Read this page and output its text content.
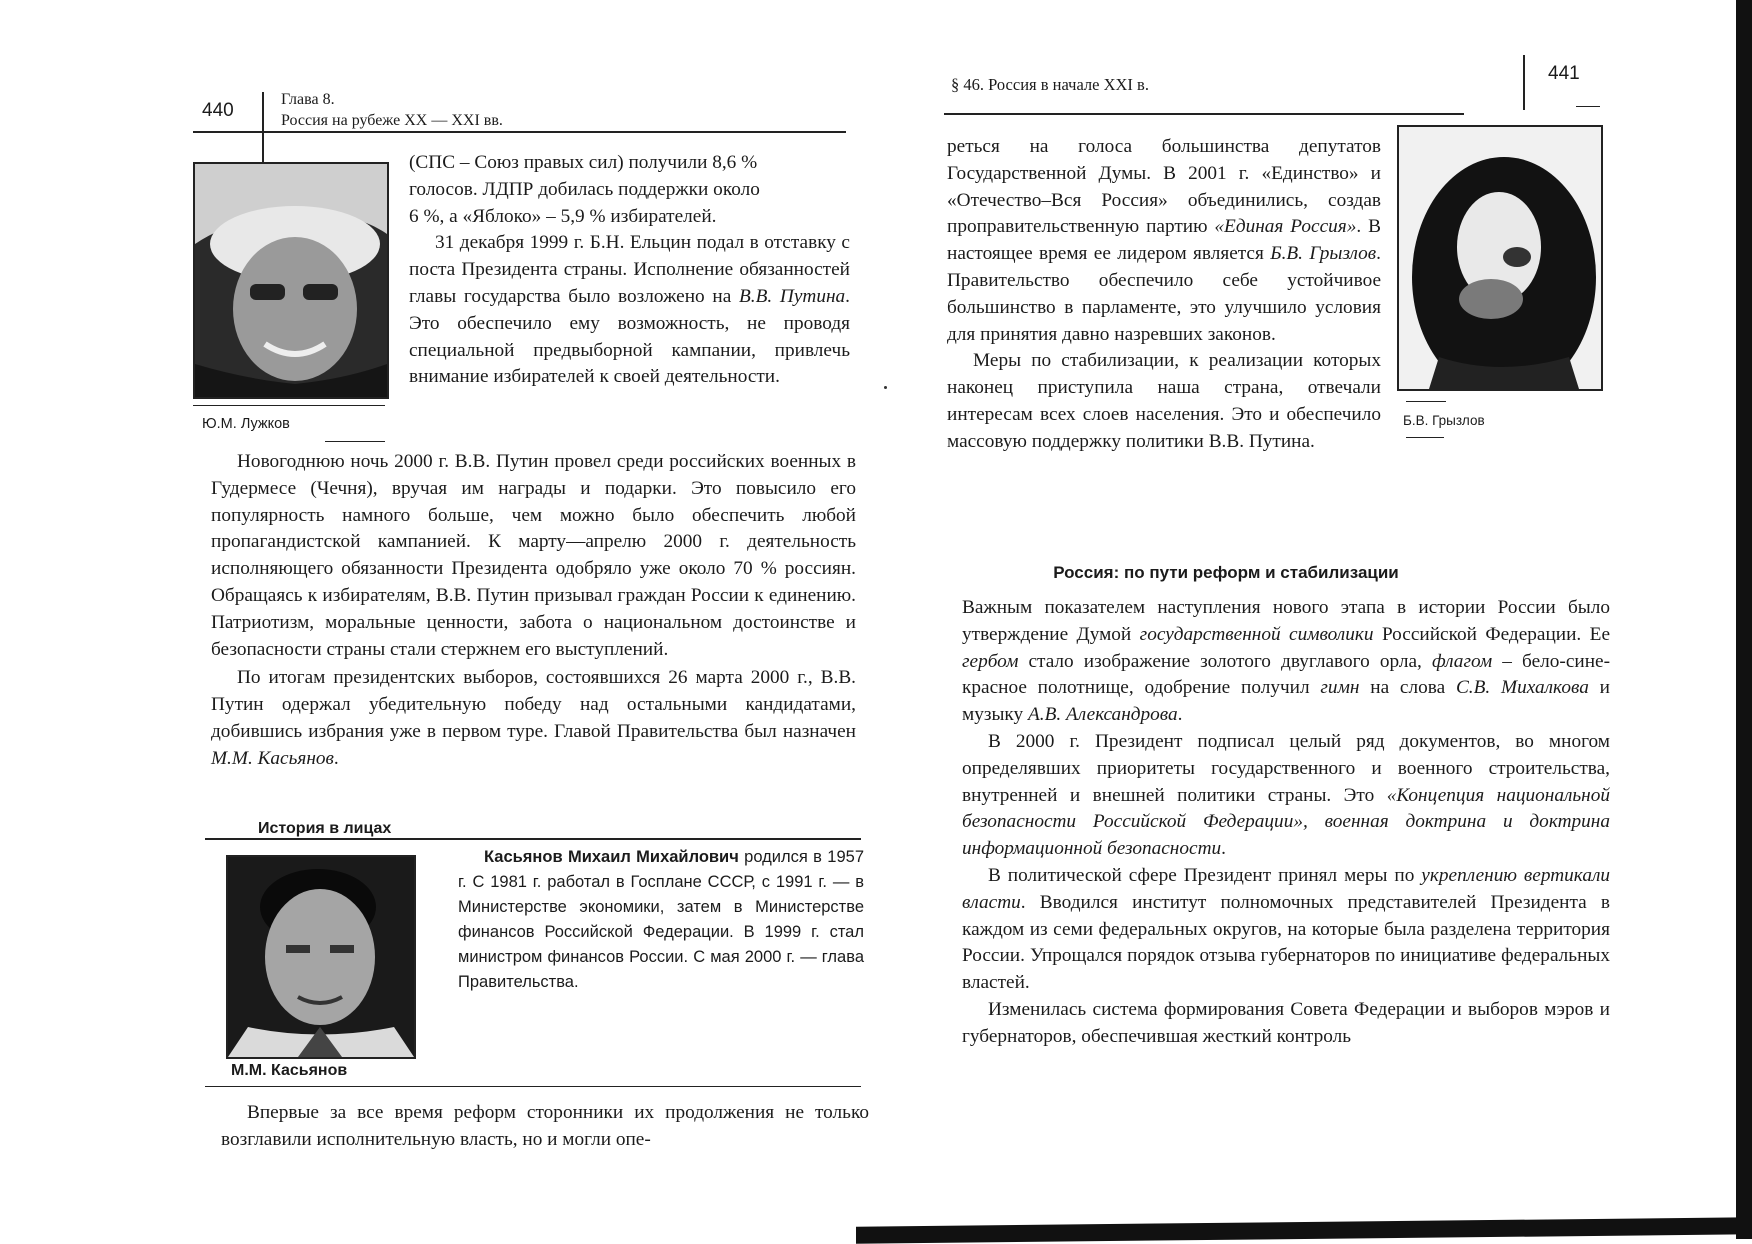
440
Глава 8.
Россия на рубеже XX — XXI вв.
Ю.М. Лужков

(СПС – Союз правых сил) получили 8,6 %

голосов. ЛДПР добилась поддержки около

6 %, а «Яблоко» – 5,9 % избирателей.

31 декабря 1999 г. Б.Н. Ельцин подал в отставку с поста Президента страны. Исполнение обязанностей главы государства было возложено на В.В. Путина. Это обеспечило ему возможность, не проводя специальной предвыборной кампании, привлечь внимание избирателей к своей деятельности.

Новогоднюю ночь 2000 г. В.В. Путин провел среди российских военных в Гудермесе (Чечня), вручая им награды и подарки. Это повысило его популярность намного больше, чем можно было обеспечить любой пропагандистской кампанией. К марту—апрелю 2000 г. деятельность исполняющего обязанности Президента одобряло уже около 70 % россиян. Обращаясь к избирателям, В.В. Путин призывал граждан России к единению. Патриотизм, моральные ценности, забота о национальном достоинстве и безопасности страны стали стержнем его выступлений.

По итогам президентских выборов, состоявшихся 26 марта 2000 г., В.В. Путин одержал убедительную победу над остальными кандидатами, добившись избрания уже в первом туре. Главой Правительства был назначен М.М. Касьянов.

История в лицах
Касьянов Михаил Михайлович родился в 1957 г. С 1981 г. работал в Госплане СССР, с 1991 г. — в Министерстве экономики, затем в Министерстве финансов Российской Федерации. В 1999 г. стал министром финансов России. С мая 2000 г. — глава Правительства.
М.М. Касьянов

Впервые за все время реформ сторонники их продолжения не только возглавили исполнительную власть, но и могли опе-

§ 46. Россия в начале XXI в.
441
Б.В. Грызлов

реться на голоса большинства депутатов Государственной Думы. В 2001 г. «Единство» и «Отечество–Вся Россия» объединились, создав проправительственную партию «Единая Россия». В настоящее время ее лидером является Б.В. Грызлов. Правительство обеспечило себе устойчивое большинство в парламенте, это улучшило условия для принятия давно назревших законов.

Меры по стабилизации, к реализации которых наконец приступила наша страна, отвечали интересам всех слоев населения. Это и обеспечило массовую поддержку политики В.В. Путина.

Россия: по пути реформ и стабилизации

Важным показателем наступления нового этапа в истории России было утверждение Думой государственной символики Российской Федерации. Ее гербом стало изображение золотого двуглавого орла, флагом – бело-сине-красное полотнище, одобрение получил гимн на слова С.В. Михалкова и музыку А.В. Александрова.

В 2000 г. Президент подписал целый ряд документов, во многом определявших приоритеты государственного и военного строительства, внутренней и внешней политики страны. Это «Концепция национальной безопасности Российской Федерации», военная доктрина и доктрина информационной безопасности.

В политической сфере Президент принял меры по укреплению вертикали власти. Вводился институт полномочных представителей Президента в каждом из семи федеральных округов, на которые была разделена территория России. Упрощался порядок отзыва губернаторов по инициативе федеральных властей.

Изменилась система формирования Совета Федерации и выборов мэров и губернаторов, обеспечившая жесткий контроль
